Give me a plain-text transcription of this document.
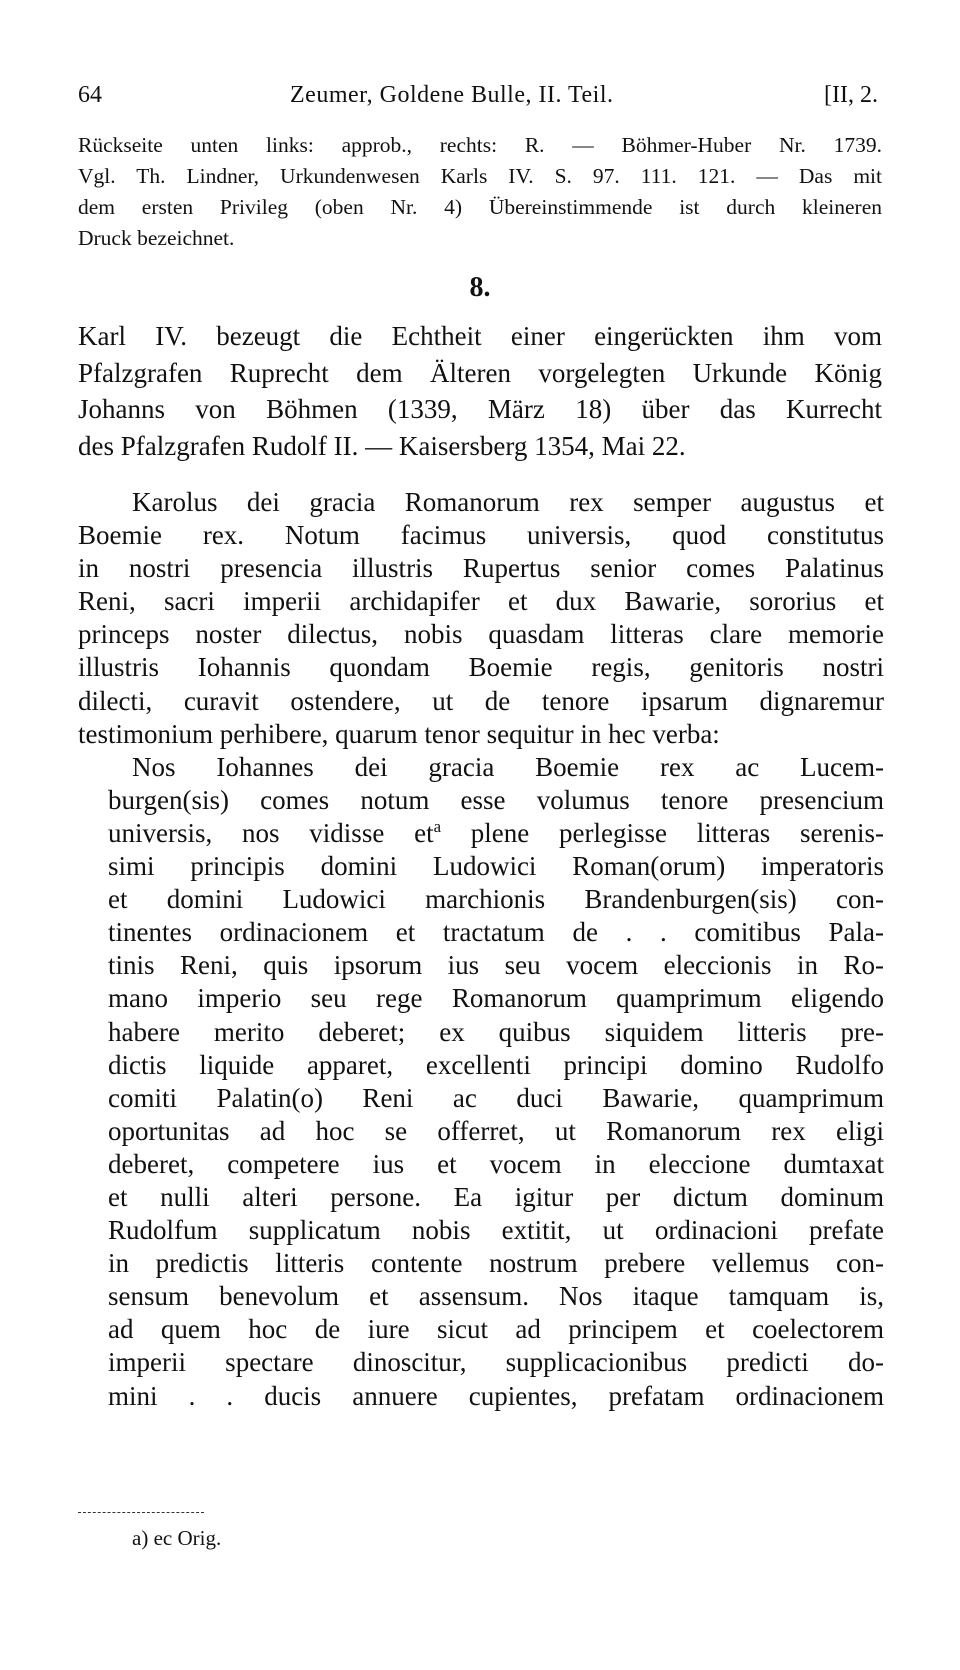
64	Zeumer, Goldene Bulle, II. Teil.	[II, 2.
Rückseite unten links: approb., rechts: R. — Böhmer-Huber Nr. 1739.
Vgl. Th. Lindner, Urkundenwesen Karls IV. S. 97. 111. 121. — Das mit
dem ersten Privileg (oben Nr. 4) Übereinstimmende ist durch kleineren
Druck bezeichnet.
8.
Karl IV. bezeugt die Echtheit einer eingerückten ihm vom
Pfalzgrafen Ruprecht dem Älteren vorgelegten Urkunde König
Johanns von Böhmen (1339, März 18) über das Kurrecht
des Pfalzgrafen Rudolf II. — Kaisersberg 1354, Mai 22.
Karolus dei gracia Romanorum rex semper augustus et
Boemie rex. Notum facimus universis, quod constitutus
in nostri presencia illustris Rupertus senior comes Palatinus
Reni, sacri imperii archidapifer et dux Bawarie, sororius et
princeps noster dilectus, nobis quasdam litteras clare memorie
illustris Iohannis quondam Boemie regis, genitoris nostri
dilecti, curavit ostendere, ut de tenore ipsarum dignaremur
testimonium perhibere, quarum tenor sequitur in hec verba:
Nos Iohannes dei gracia Boemie rex ac Lucem-
burgen(sis) comes notum esse volumus tenore presencium
universis, nos vidisse $et^a$ plene perlegisse litteras serenis-
simi principis domini Ludowici Roman(orum) imperatoris
et domini Ludowici marchionis Brandenburgen(sis) con-
tinentes ordinacionem et tractatum de . . comitibus Pala-
tinis Reni, quis ipsorum ius seu vocem eleccionis in Ro-
mano imperio seu rege Romanorum quamprimum eligendo
habere merito deberet; ex quibus siquidem litteris pre-
dictis liquide apparet, excellenti principi domino Rudolfo
comiti Palatin(o) Reni ac duci Bawarie, quamprimum
oportunitas ad hoc se offerret, ut Romanorum rex eligi
deberet, competere ius et vocem in eleccione dumtaxat
et nulli alteri persone. Ea igitur per dictum dominum
Rudolfum supplicatum nobis extitit, ut ordinacioni prefate
in predictis litteris contente nostrum prebere vellemus con-
sensum benevolum et assensum. Nos itaque tamquam is,
ad quem hoc de iure sicut ad principem et coelectorem
imperii spectare dinoscitur, supplicacionibus predicti do-
mini . . ducis annuere cupientes, prefatam ordinacionem
a) ec Orig.
